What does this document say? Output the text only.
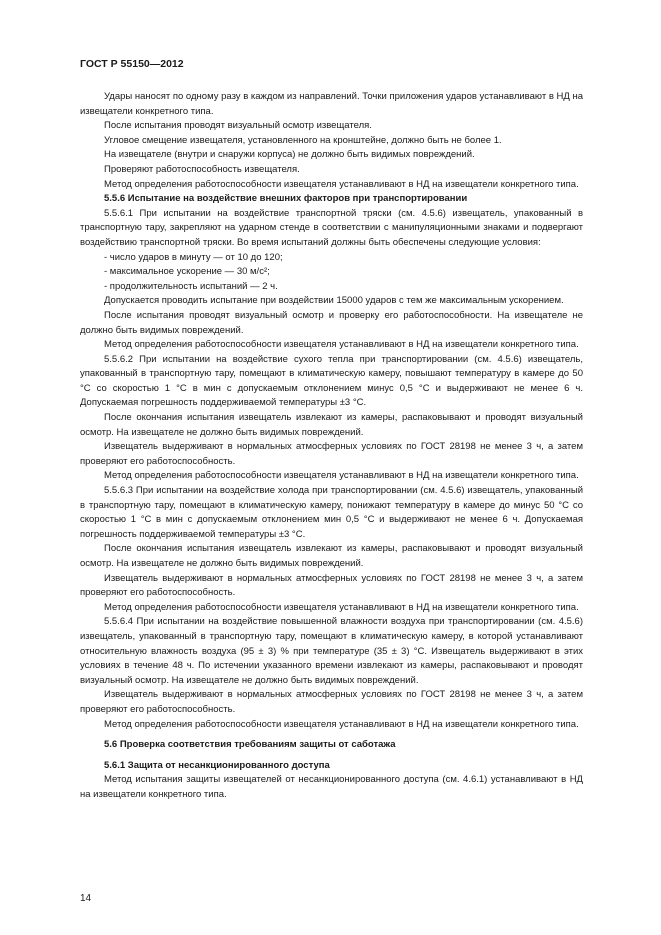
ГОСТ Р 55150—2012

Удары наносят по одному разу в каждом из направлений. Точки приложения ударов устанавливают в НД на извещатели конкретного типа.

После испытания проводят визуальный осмотр извещателя.

Угловое смещение извещателя, установленного на кронштейне, должно быть не более 1.

На извещателе (внутри и снаружи корпуса) не должно быть видимых повреждений.

Проверяют работоспособность извещателя.

Метод определения работоспособности извещателя устанавливают в НД на извещатели конкретного типа.

5.5.6 Испытание на воздействие внешних факторов при транспортировании

5.5.6.1 При испытании на воздействие транспортной тряски (см. 4.5.6) извещатель, упакованный в транспортную тару, закрепляют на ударном стенде в соответствии с манипуляционными знаками и подвергают воздействию транспортной тряски. Во время испытаний должны быть обеспечены следующие условия:

- число ударов в минуту — от 10 до 120;

- максимальное ускорение — 30 м/с²;

- продолжительность испытаний — 2 ч.

Допускается проводить испытание при воздействии 15000 ударов с тем же максимальным ускорением.

После испытания проводят визуальный осмотр и проверку его работоспособности. На извещателе не должно быть видимых повреждений.

Метод определения работоспособности извещателя устанавливают в НД на извещатели конкретного типа.

5.5.6.2 При испытании на воздействие сухого тепла при транспортировании (см. 4.5.6) извещатель, упакованный в транспортную тару, помещают в климатическую камеру, повышают температуру в камере до 50 °С со скоростью 1 °С в мин с допускаемым отклонением минус 0,5 °С и выдерживают не менее 6 ч. Допускаемая погрешность поддерживаемой температуры ±3 °С.

После окончания испытания извещатель извлекают из камеры, распаковывают и проводят визуальный осмотр. На извещателе не должно быть видимых повреждений.

Извещатель выдерживают в нормальных атмосферных условиях по ГОСТ 28198 не менее 3 ч, а затем проверяют его работоспособность.

Метод определения работоспособности извещателя устанавливают в НД на извещатели конкретного типа.

5.5.6.3 При испытании на воздействие холода при транспортировании (см. 4.5.6) извещатель, упакованный в транспортную тару, помещают в климатическую камеру, понижают температуру в камере до минус 50 °С со скоростью 1 °С в мин с допускаемым отклонением мин 0,5 °С и выдерживают не менее 6 ч. Допускаемая погрешность поддерживаемой температуры ±3 °С.

После окончания испытания извещатель извлекают из камеры, распаковывают и проводят визуальный осмотр. На извещателе не должно быть видимых повреждений.

Извещатель выдерживают в нормальных атмосферных условиях по ГОСТ 28198 не менее 3 ч, а затем проверяют его работоспособность.

Метод определения работоспособности извещателя устанавливают в НД на извещатели конкретного типа.

5.5.6.4 При испытании на воздействие повышенной влажности воздуха при транспортировании (см. 4.5.6) извещатель, упакованный в транспортную тару, помещают в климатическую камеру, в которой устанавливают относительную влажность воздуха (95 ± 3) % при температуре (35 ± 3) °С. Извещатель выдерживают в этих условиях в течение 48 ч. По истечении указанного времени извлекают из камеры, распаковывают и проводят визуальный осмотр. На извещателе не должно быть видимых повреждений.

Извещатель выдерживают в нормальных атмосферных условиях по ГОСТ 28198 не менее 3 ч, а затем проверяют его работоспособность.

Метод определения работоспособности извещателя устанавливают в НД на извещатели конкретного типа.

5.6 Проверка соответствия требованиям защиты от саботажа

5.6.1 Защита от несанкционированного доступа

Метод испытания защиты извещателей от несанкционированного доступа (см. 4.6.1) устанавливают в НД на извещатели конкретного типа.

14
